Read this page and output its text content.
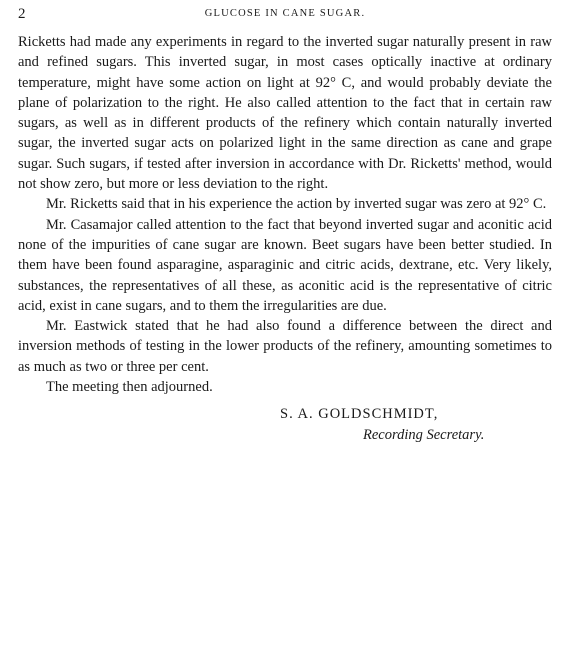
2	GLUCOSE IN CANE SUGAR.

Ricketts had made any experiments in regard to the inverted sugar naturally present in raw and refined sugars. This inverted sugar, in most cases optically inactive at ordinary temperature, might have some action on light at 92° C, and would probably deviate the plane of polarization to the right. He also called attention to the fact that in certain raw sugars, as well as in different products of the refinery which contain naturally inverted sugar, the inverted sugar acts on polarized light in the same direction as cane and grape sugar. Such sugars, if tested after inversion in accordance with Dr. Ricketts' method, would not show zero, but more or less deviation to the right.

Mr. Ricketts said that in his experience the action by inverted sugar was zero at 92° C.

Mr. Casamajor called attention to the fact that beyond inverted sugar and aconitic acid none of the impurities of cane sugar are known. Beet sugars have been better studied. In them have been found asparagine, asparaginic and citric acids, dextrane, etc. Very likely, substances, the representatives of all these, as aconitic acid is the representative of citric acid, exist in cane sugars, and to them the irregularities are due.

Mr. Eastwick stated that he had also found a difference between the direct and inversion methods of testing in the lower products of the refinery, amounting sometimes to as much as two or three per cent.

The meeting then adjourned.

S. A. GOLDSCHMIDT,
Recording Secretary.
